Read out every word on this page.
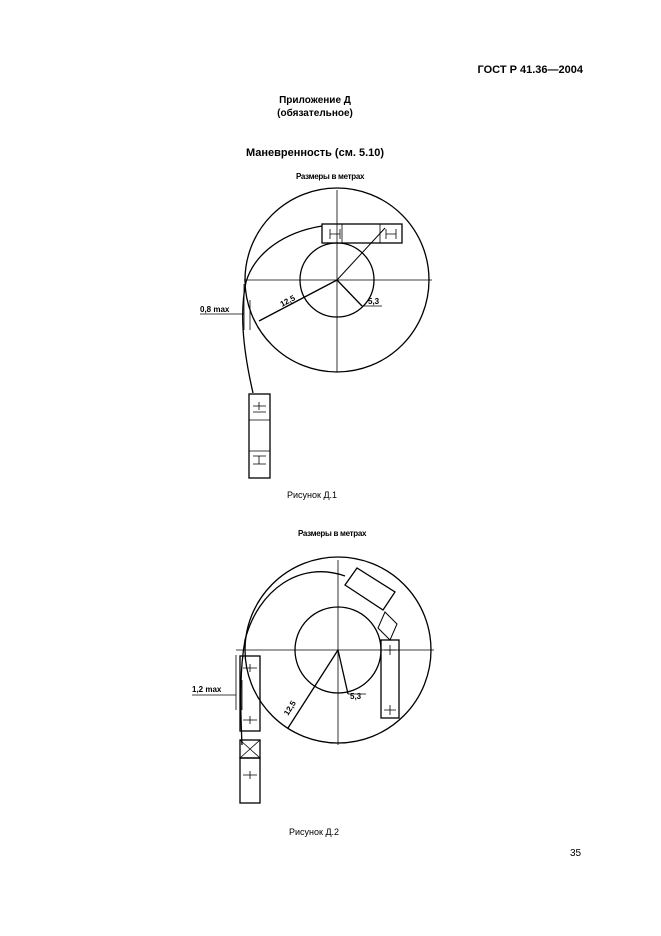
ГОСТ Р 41.36—2004
Приложение Д
(обязательное)
Маневренность (см. 5.10)
Размеры в метрах
Размеры в метрах
0,8 max
12,5	5,3
1,2 max
12,5
5,3
Рисунок Д.1
Рисунок Д.2
35
